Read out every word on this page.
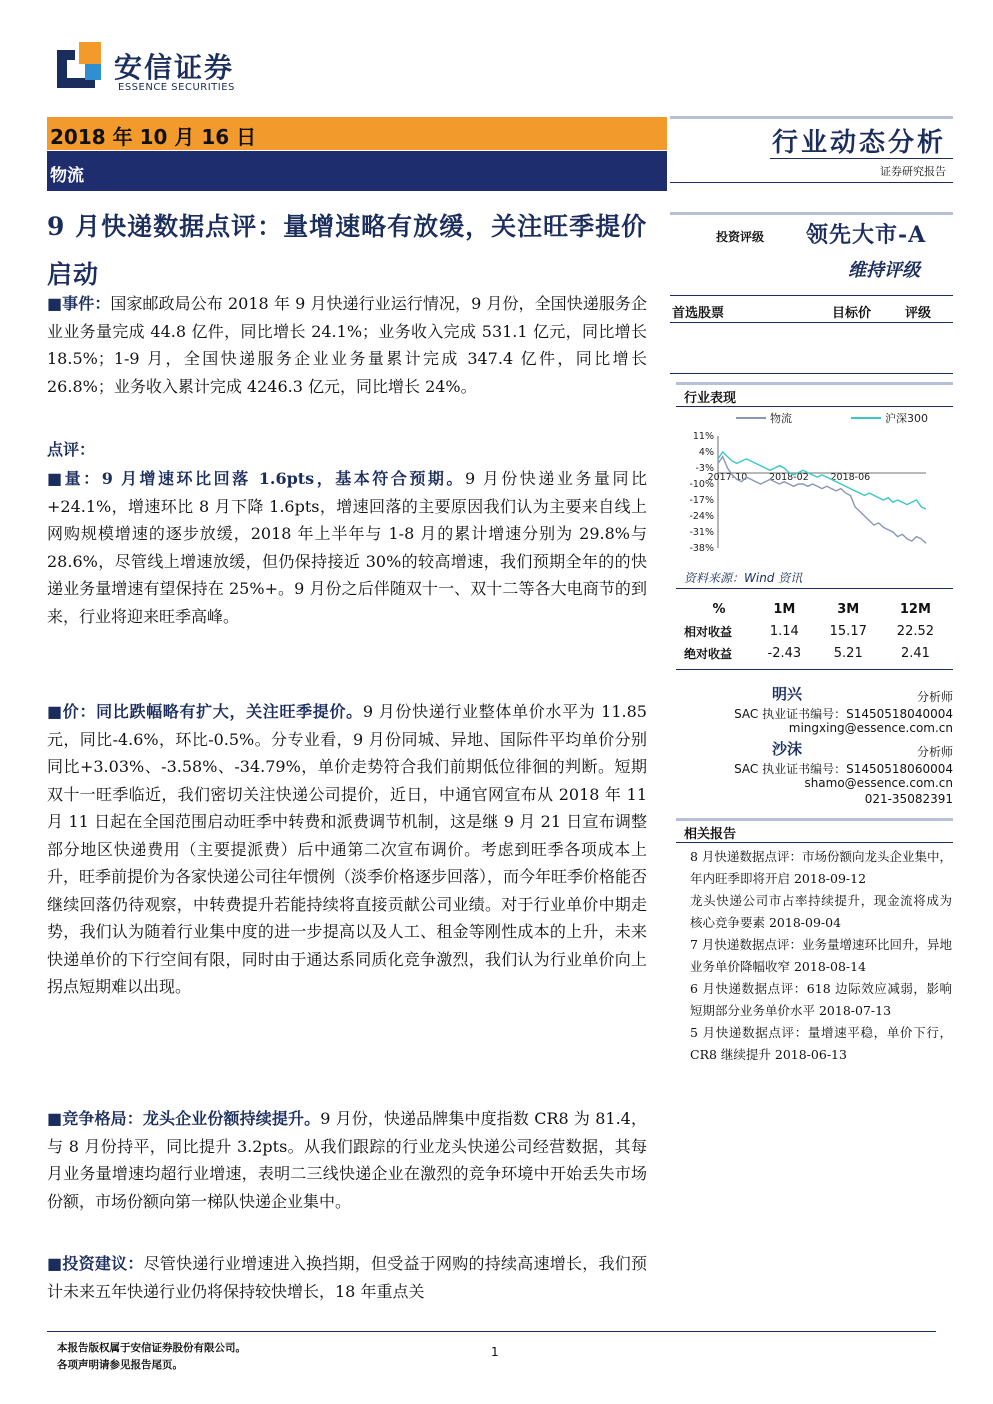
安信证券
ESSENCE SECURITIES
2018 年 10 月 16 日
物流
行业动态分析
证券研究报告
9 月快递数据点评：量增速略有放缓，关注旺季提价启动
■事件：国家邮政局公布 2018 年 9 月快递行业运行情况，9 月份，全国快递服务企业业务量完成 44.8 亿件，同比增长 24.1%；业务收入完成 531.1 亿元，同比增长 18.5%；1-9 月，全国快递服务企业业务量累计完成 347.4 亿件，同比增长 26.8%；业务收入累计完成 4246.3 亿元，同比增长 24%。
点评：
■量：9 月增速环比回落 1.6pts，基本符合预期。9 月份快递业务量同比+24.1%，增速环比 8 月下降 1.6pts，增速回落的主要原因我们认为主要来自线上网购规模增速的逐步放缓，2018 年上半年与 1-8 月的累计增速分别为 29.8%与 28.6%，尽管线上增速放缓，但仍保持接近 30%的较高增速，我们预期全年的的快递业务量增速有望保持在 25%+。9 月份之后伴随双十一、双十二等各大电商节的到来，行业将迎来旺季高峰。
■价：同比跌幅略有扩大，关注旺季提价。9 月份快递行业整体单价水平为 11.85 元，同比-4.6%，环比-0.5%。分专业看，9 月份同城、异地、国际件平均单价分别同比+3.03%、-3.58%、-34.79%，单价走势符合我们前期低位徘徊的判断。短期双十一旺季临近，我们密切关注快递公司提价，近日，中通官网宣布从 2018 年 11 月 11 日起在全国范围启动旺季中转费和派费调节机制，这是继 9 月 21 日宣布调整部分地区快递费用（主要提派费）后中通第二次宣布调价。考虑到旺季各项成本上升，旺季前提价为各家快递公司往年惯例（淡季价格逐步回落），而今年旺季价格能否继续回落仍待观察，中转费提升若能持续将直接贡献公司业绩。对于行业单价中期走势，我们认为随着行业集中度的进一步提高以及人工、租金等刚性成本的上升，未来快递单价的下行空间有限，同时由于通达系同质化竞争激烈，我们认为行业单价向上拐点短期难以出现。
■竞争格局：龙头企业份额持续提升。9 月份，快递品牌集中度指数 CR8 为 81.4，与 8 月份持平，同比提升 3.2pts。从我们跟踪的行业龙头快递公司经营数据，其每月业务量增速均超行业增速，表明二三线快递企业在激烈的竞争环境中开始丢失市场份额，市场份额向第一梯队快递企业集中。
■投资建议：尽管快递行业增速进入换挡期，但受益于网购的持续高速增长，我们预计未来五年快递行业仍将保持较快增长，18 年重点关
投资评级 领先大市-A
维持评级
首选股票	目标价	评级
行业表现
物流	沪深300
11%
4%
-3%
-10%
-17%
-24%
-31%
-38%
2017-10 2018-02 2018-06
资料来源：Wind 资讯
%	1M	3M	12M
相对收益	1.14	15.17	22.52
绝对收益	-2.43	5.21	2.41
明兴	分析师
SAC 执业证书编号：S1450518040004
mingxing@essence.com.cn
沙沫	分析师
SAC 执业证书编号：S1450518060004
shamo@essence.com.cn
021-35082391
相关报告
8 月快递数据点评：市场份额向龙头企业集中，年内旺季即将开启 2018-09-12
龙头快递公司市占率持续提升，现金流将成为核心竞争要素 2018-09-04
7 月快递数据点评：业务量增速环比回升，异地业务单价降幅收窄 2018-08-14
6 月快递数据点评：618 边际效应减弱，影响短期部分业务单价水平 2018-07-13
5 月快递数据点评：量增速平稳，单价下行，CR8 继续提升 2018-06-13
本报告版权属于安信证券股份有限公司。
各项声明请参见报告尾页。
1
